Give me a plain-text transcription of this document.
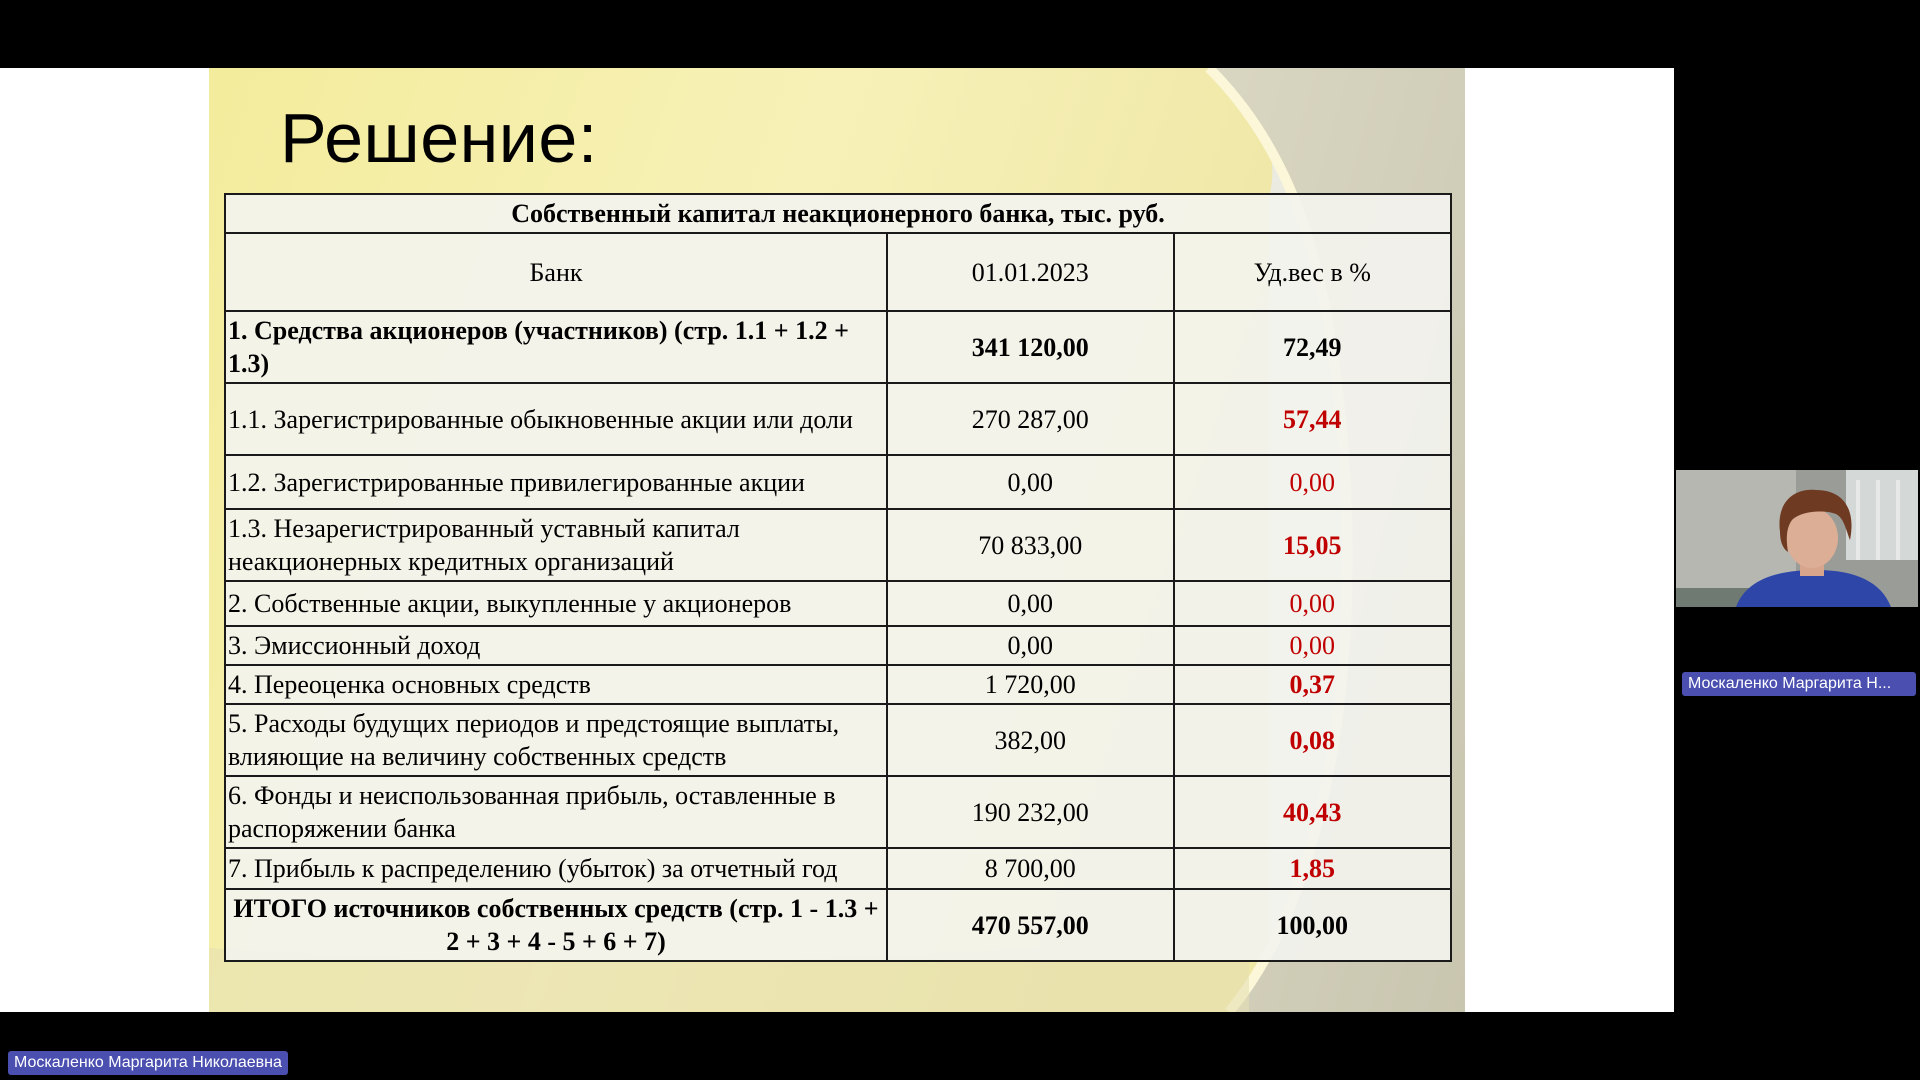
Решение:
Собственный капитал неакционерного банка, тыс. руб.		
Банк	01.01.2023	Уд.вес в %
1. Средства акционеров (участников) (стр. 1.1 + 1.2 + 1.3)	341 120,00	72,49
1.1. Зарегистрированные обыкновенные акции или доли	270 287,00	57,44
1.2. Зарегистрированные привилегированные акции	0,00	0,00
1.3. Незарегистрированный уставный капитал неакционерных кредитных организаций	70 833,00	15,05
2. Собственные акции, выкупленные у акционеров	0,00	0,00
3. Эмиссионный доход	0,00	0,00
4. Переоценка основных средств	1 720,00	0,37
5. Расходы будущих периодов и предстоящие выплаты, влияющие на величину собственных средств	382,00	0,08
6. Фонды и неиспользованная прибыль, оставленные в распоряжении банка	190 232,00	40,43
7. Прибыль к распределению (убыток) за отчетный год	8 700,00	1,85
ИТОГО источников собственных средств (стр. 1 - 1.3 + 2 + 3 + 4 - 5 + 6 + 7)	470 557,00	100,00
Москаленко Маргарита Н...
Москаленко Маргарита Николаевна
